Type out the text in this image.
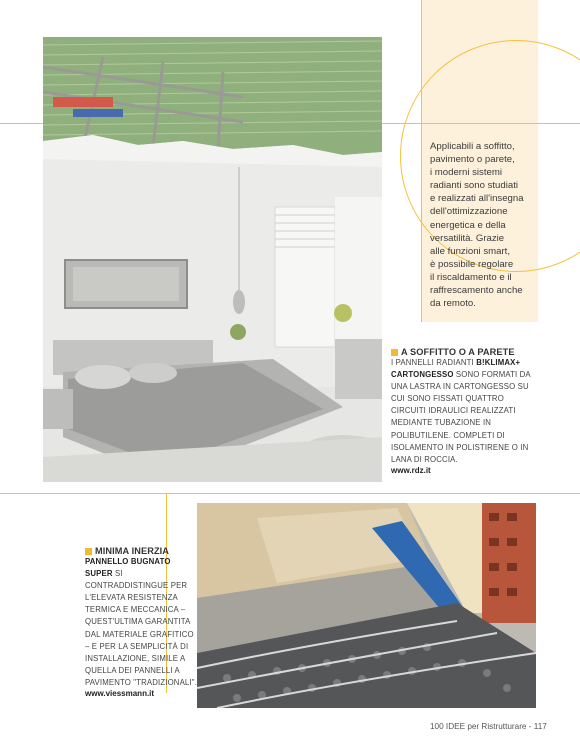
Applicabili a soffitto,
pavimento o parete,
i moderni sistemi
radianti sono studiati
e realizzati all'insegna
dell'ottimizzazione
energetica e della
versatilità. Grazie
alle funzioni smart,
è possibile regolare
il riscaldamento e il
raffrescamento anche
da remoto.
A SOFFITTO O A PARETE
I PANNELLI RADIANTI B!KLIMAX+ CARTONGESSO SONO FORMATI DA UNA LASTRA IN CARTONGESSO SU CUI SONO FISSATI QUATTRO CIRCUITI IDRAULICI REALIZZATI MEDIANTE TUBAZIONE IN POLIBUTILENE. COMPLETI DI ISOLAMENTO IN POLISTIRENE O IN LANA DI ROCCIA.
www.rdz.it
MINIMA INERZIA
PANNELLO BUGNATO SUPER SI CONTRADDISTINGUE PER L'ELEVATA RESISTENZA TERMICA E MECCANICA – QUEST'ULTIMA GARANTITA DAL MATERIALE GRAFITICO – E PER LA SEMPLICITÀ DI INSTALLAZIONE, SIMILE A QUELLA DEI PANNELLI A PAVIMENTO "TRADIZIONALI".
www.viessmann.it
100 IDEE per Ristrutturare - 117
